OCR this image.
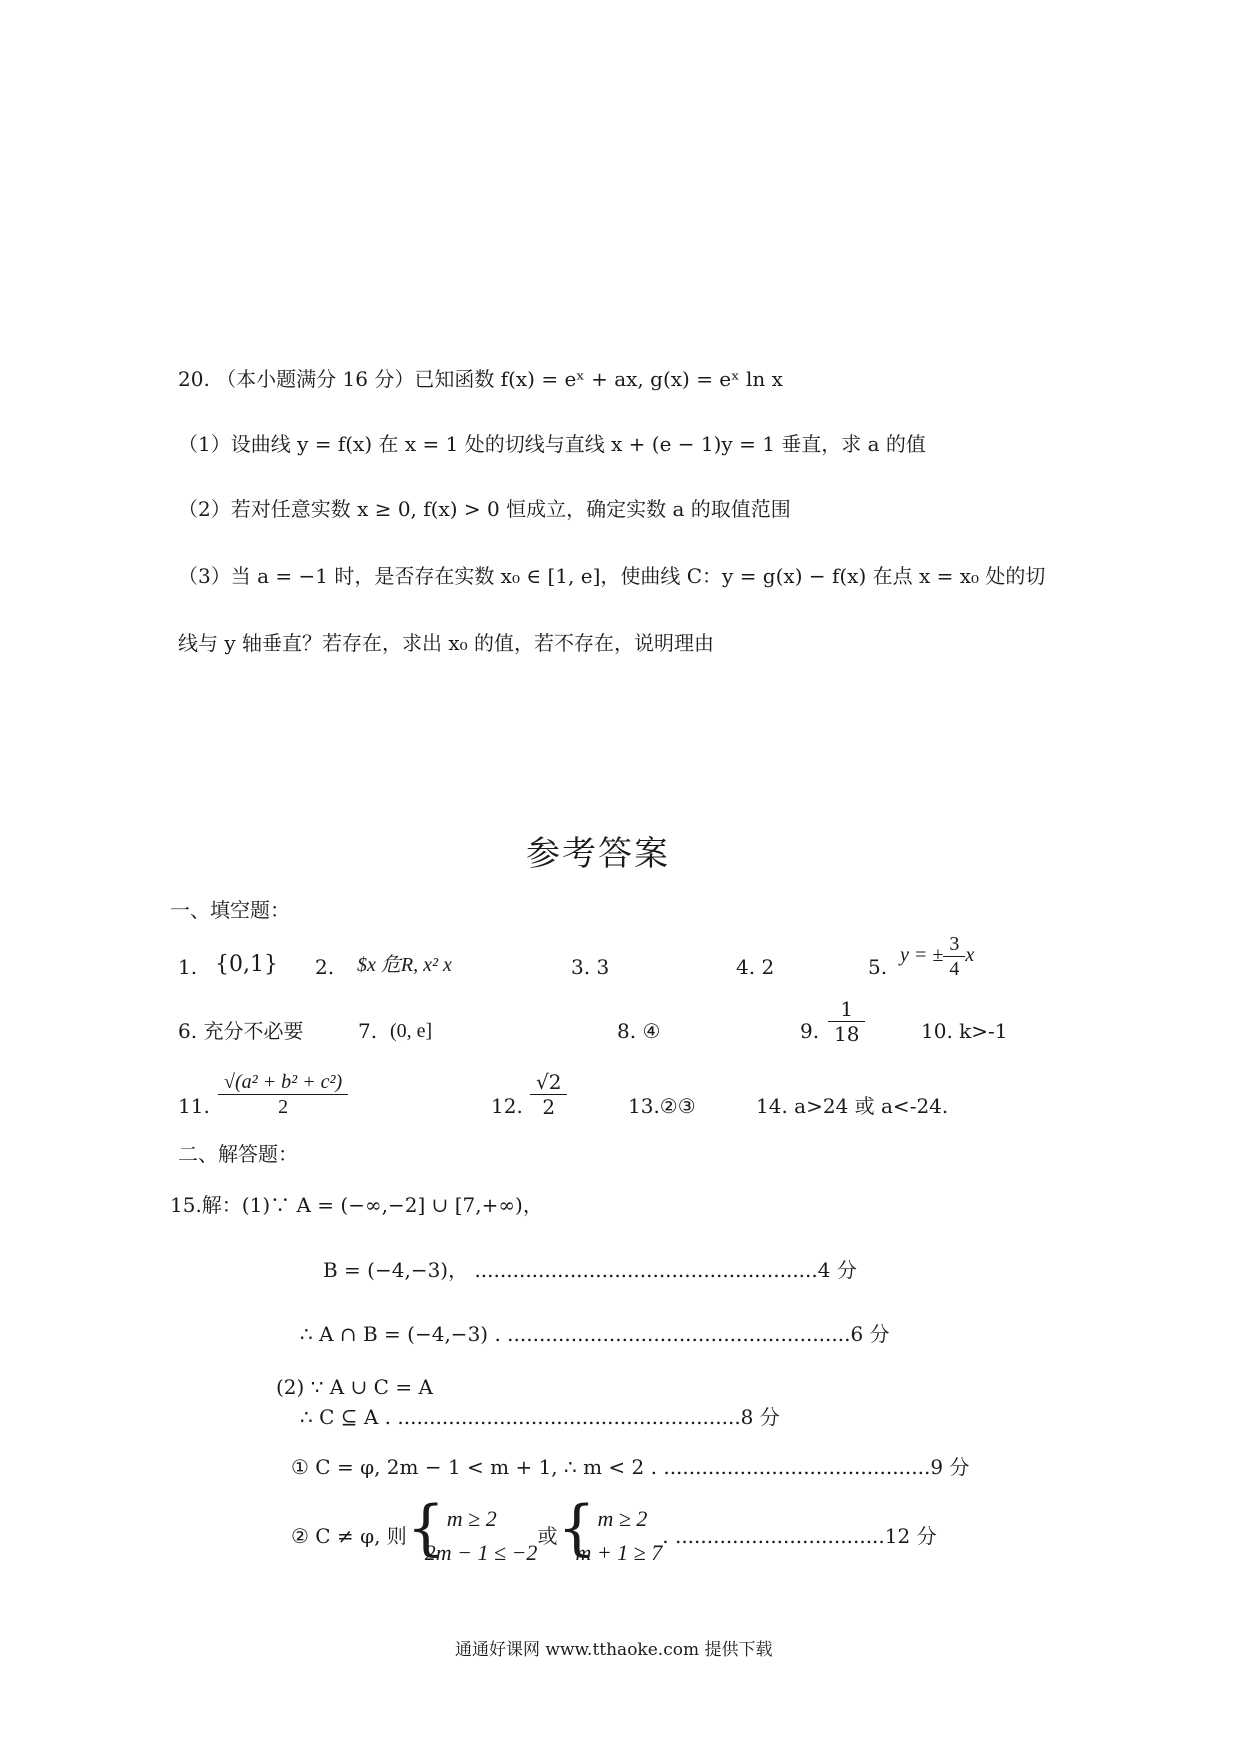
20. （本小题满分 16 分）已知函数 f(x) = eˣ + ax, g(x) = eˣ ln x
（1）设曲线 y = f(x) 在 x = 1 处的切线与直线 x + (e − 1)y = 1 垂直，求 a 的值
（2）若对任意实数 x ≥ 0, f(x) > 0 恒成立，确定实数 a 的取值范围
（3）当 a = −1 时，是否存在实数 x₀ ∈ [1, e]，使曲线 C：y = g(x) − f(x) 在点 x = x₀ 处的切
线与 y 轴垂直？若存在，求出 x₀ 的值，若不存在，说明理由
参考答案
一、填空题：
1. {0,1} 2. $x 危R, x² x	3. 3	4. 2	5. y = ± $\frac{3}{4}$ x
6. 充分不必要	7. (0, e]	8. ④	9. $\frac{1}{18}$	10. k>-1
11. $\frac{\text{√(a² + b² + c²)}}{2}$	12. $\frac{√2}{2}$	13.②③	14. a>24 或 a<-24.
二、解答题：
15.解：(1)∵ A = (−∞,−2] ∪ [7,+∞)，
B = (−4,−3)， ......................................................4 分
∴ A ∩ B = (−4,−3) . ......................................................6 分
(2) ∵ A ∪ C = A
∴ C ⊆ A . ......................................................8 分
① C = φ, 2m − 1 < m + 1, ∴ m < 2 . ..........................................9 分
② C ≠ φ, 则 { m ≥ 2
2m − 1 ≤ −2
或 { m ≥ 2
m + 1 ≥ 7
. .................................12 分
通通好课网 www.tthaoke.com 提供下载
